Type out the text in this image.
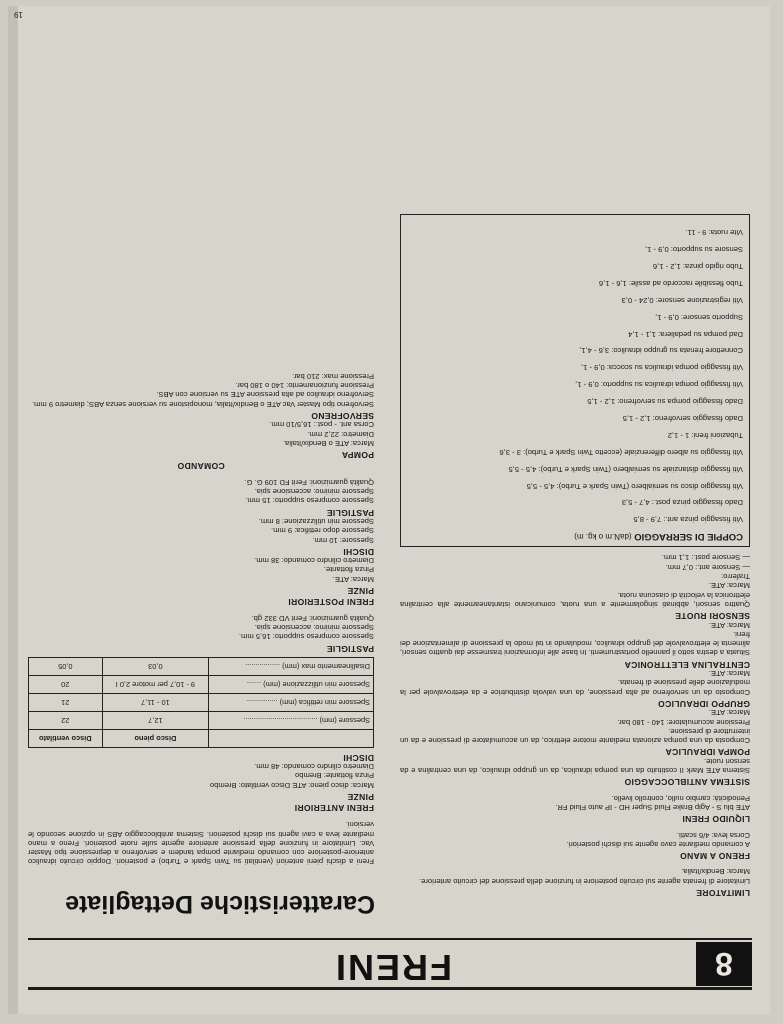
19
8
FRENI
Caratteristiche Dettagliate

Freni a dischi pieni anteriori (ventilati su Twin Spark e Turbo) e posteriori. Doppio circuito idraulico anteriore-posteriore con comando mediante pompa tandem e servofreno a depressione tipo Master Vac. Limitatore in funzione della pressione anteriore agente sulle ruote posteriori. Freno a mano mediante leva a cavi agenti sui dischi posteriori. Sistema antibloccaggio ABS in opzione secondo le versioni.

FRENI ANTERIORI
PINZE

Marca: disco pieno: ATE Disco ventilato: Brembo

Pinza flottante: Brembo

Diametro cilindro comando: 48 mm.

DISCHI
	Disco pieno	Disco ventilato
Spessore (mm) ....................................	12,7	22
Spessore min rettifica (mm) ...............	10 - 11,7	21
Spessore min utilizzazione (mm) .......	9 - 10,7 per motore 2,0 I	20
Disallineamento max (mm) .................	0,03	0,05
PASTIGLIE

Spessore compreso supporto: 16,5 mm.

Spessore minimo: accensione spia.

Qualità guarnizioni: Ferit VD 332 gb.

FRENI POSTERIORI
PINZE

Marca: ATE.

Pinza flottante.

Diametro cilindro comando: 38 mm.

DISCHI

Spessore: 10 mm.

Spessore dopo rettifica: 9 mm.

Spessore min utilizzazione: 8 mm.

PASTIGLIE

Spessore compreso supporto: 15 mm.

Spessore minimo: accensione spia.

Qualità guarnizioni: Ferit FD 109 G. G.

COMANDO
POMPA

Marca: ATE o Bendix/Italia.

Diametro: 22,2 mm.

Corsa ant. - post.: 16,5/10 mm.

SERVOFRENO

Servofreno tipo Master Vac ATE o Bendix/Italia, monopistone su versione senza ABS; diametro 9 mm.

Servofreno idraulico ad alta pressione ATE su versione con ABS.

Pressione funzionamento: 140 o 180 bar.

Pressione max: 210 bar.

LIMITATORE

Limitatore di frenata agente sul circuito posteriore in funzione della pressione del circuito anteriore.

Marca: Bendix/Italia.

FRENO A MANO

A comando mediante cavo agente sui dischi posteriori.

Corsa leva: 4/6 scatti.

LIQUIDO FRENI

ATE blu S - Agip Brake Fluid Super HD - IP auto Fluid FR.

Periodicità: cambio nullo, controllo livello.

SISTEMA ANTIBLOCCAGGIO

Sistema ATE Mark II costituito da una pompa idraulica, da un gruppo idraulico, da una centralina e da sensori ruote.

POMPA IDRAULICA

Composta da una pompa azionata mediante motore elettrico, da un accumulatore di pressione e da un interruttore di pressione.

Pressione accumulatore: 140 - 180 bar.

Marca: ATE.

GRUPPO IDRAULICO

Composto da un servofreno ad alta pressione, da una valvola distributrice e da elettrovalvole per la modulazione delle pressione di frenata.

Marca: ATE.

CENTRALINA ELETTRONICA

Situata a destra sotto il pannello portastrumenti. In base alle informazioni trasmesse dai quattro sensori, alimenta le elettrovalvole del gruppo idraulico, modulando in tal modo la pressione di alimentazione dei freni.

Marca: ATE.

SENSORI RUOTE

Quattro sensori, abbinati singolarmente a una ruota, comunicano istantaneamente alla centralina elettronica la velocità di ciascuna ruota.

Marca: ATE.

Traferro:

— Sensore ant.: 0,7 mm.

— Sensore post.: 1,1 mm.

COPPIE DI SERRAGGIO (daN.m o kg. m)

Viti fissaggio pinza ant.: 7,9 - 8,5

Dado fissaggio pinza post.: 4,7 - 5,3

Viti fissaggio disco su semialbero (Twin Spark e Turbo): 4,5 - 5,5

Viti fissaggio distanziale su semialbero (Twin Spark e Turbo): 4,5 - 5,5

Viti fissaggio su albero differenziale (eccetto Twin Spark e Turbo): 3 - 3,6

Tubazioni freni: 1 - 1,2

Dado fissaggio servofreno: 1,2 - 1,5

Dado fissaggio pompa su servofreno: 1,2 - 1,5

Viti fissaggio pompa idraulica su supporto: 0,9 - 1,

Viti fissaggio pompa idraulica su scocca: 0,9 - 1,

Connettore frenata su gruppo idraulico: 3,6 - 4,1,

Dad pompa su pedaliera: 1,1 - 1,4

Supporto sensore: 0,9 - 1,

Viti registrazione sensore: 0,24 - 0,3

Tubo flessibile raccordo ad assile: 1,6 - 1,6

Tubo rigido pinza: 1,2 - 1,6

Sensore su supporto: 0,9 - 1,

Vite ruota: 9 - 11.
